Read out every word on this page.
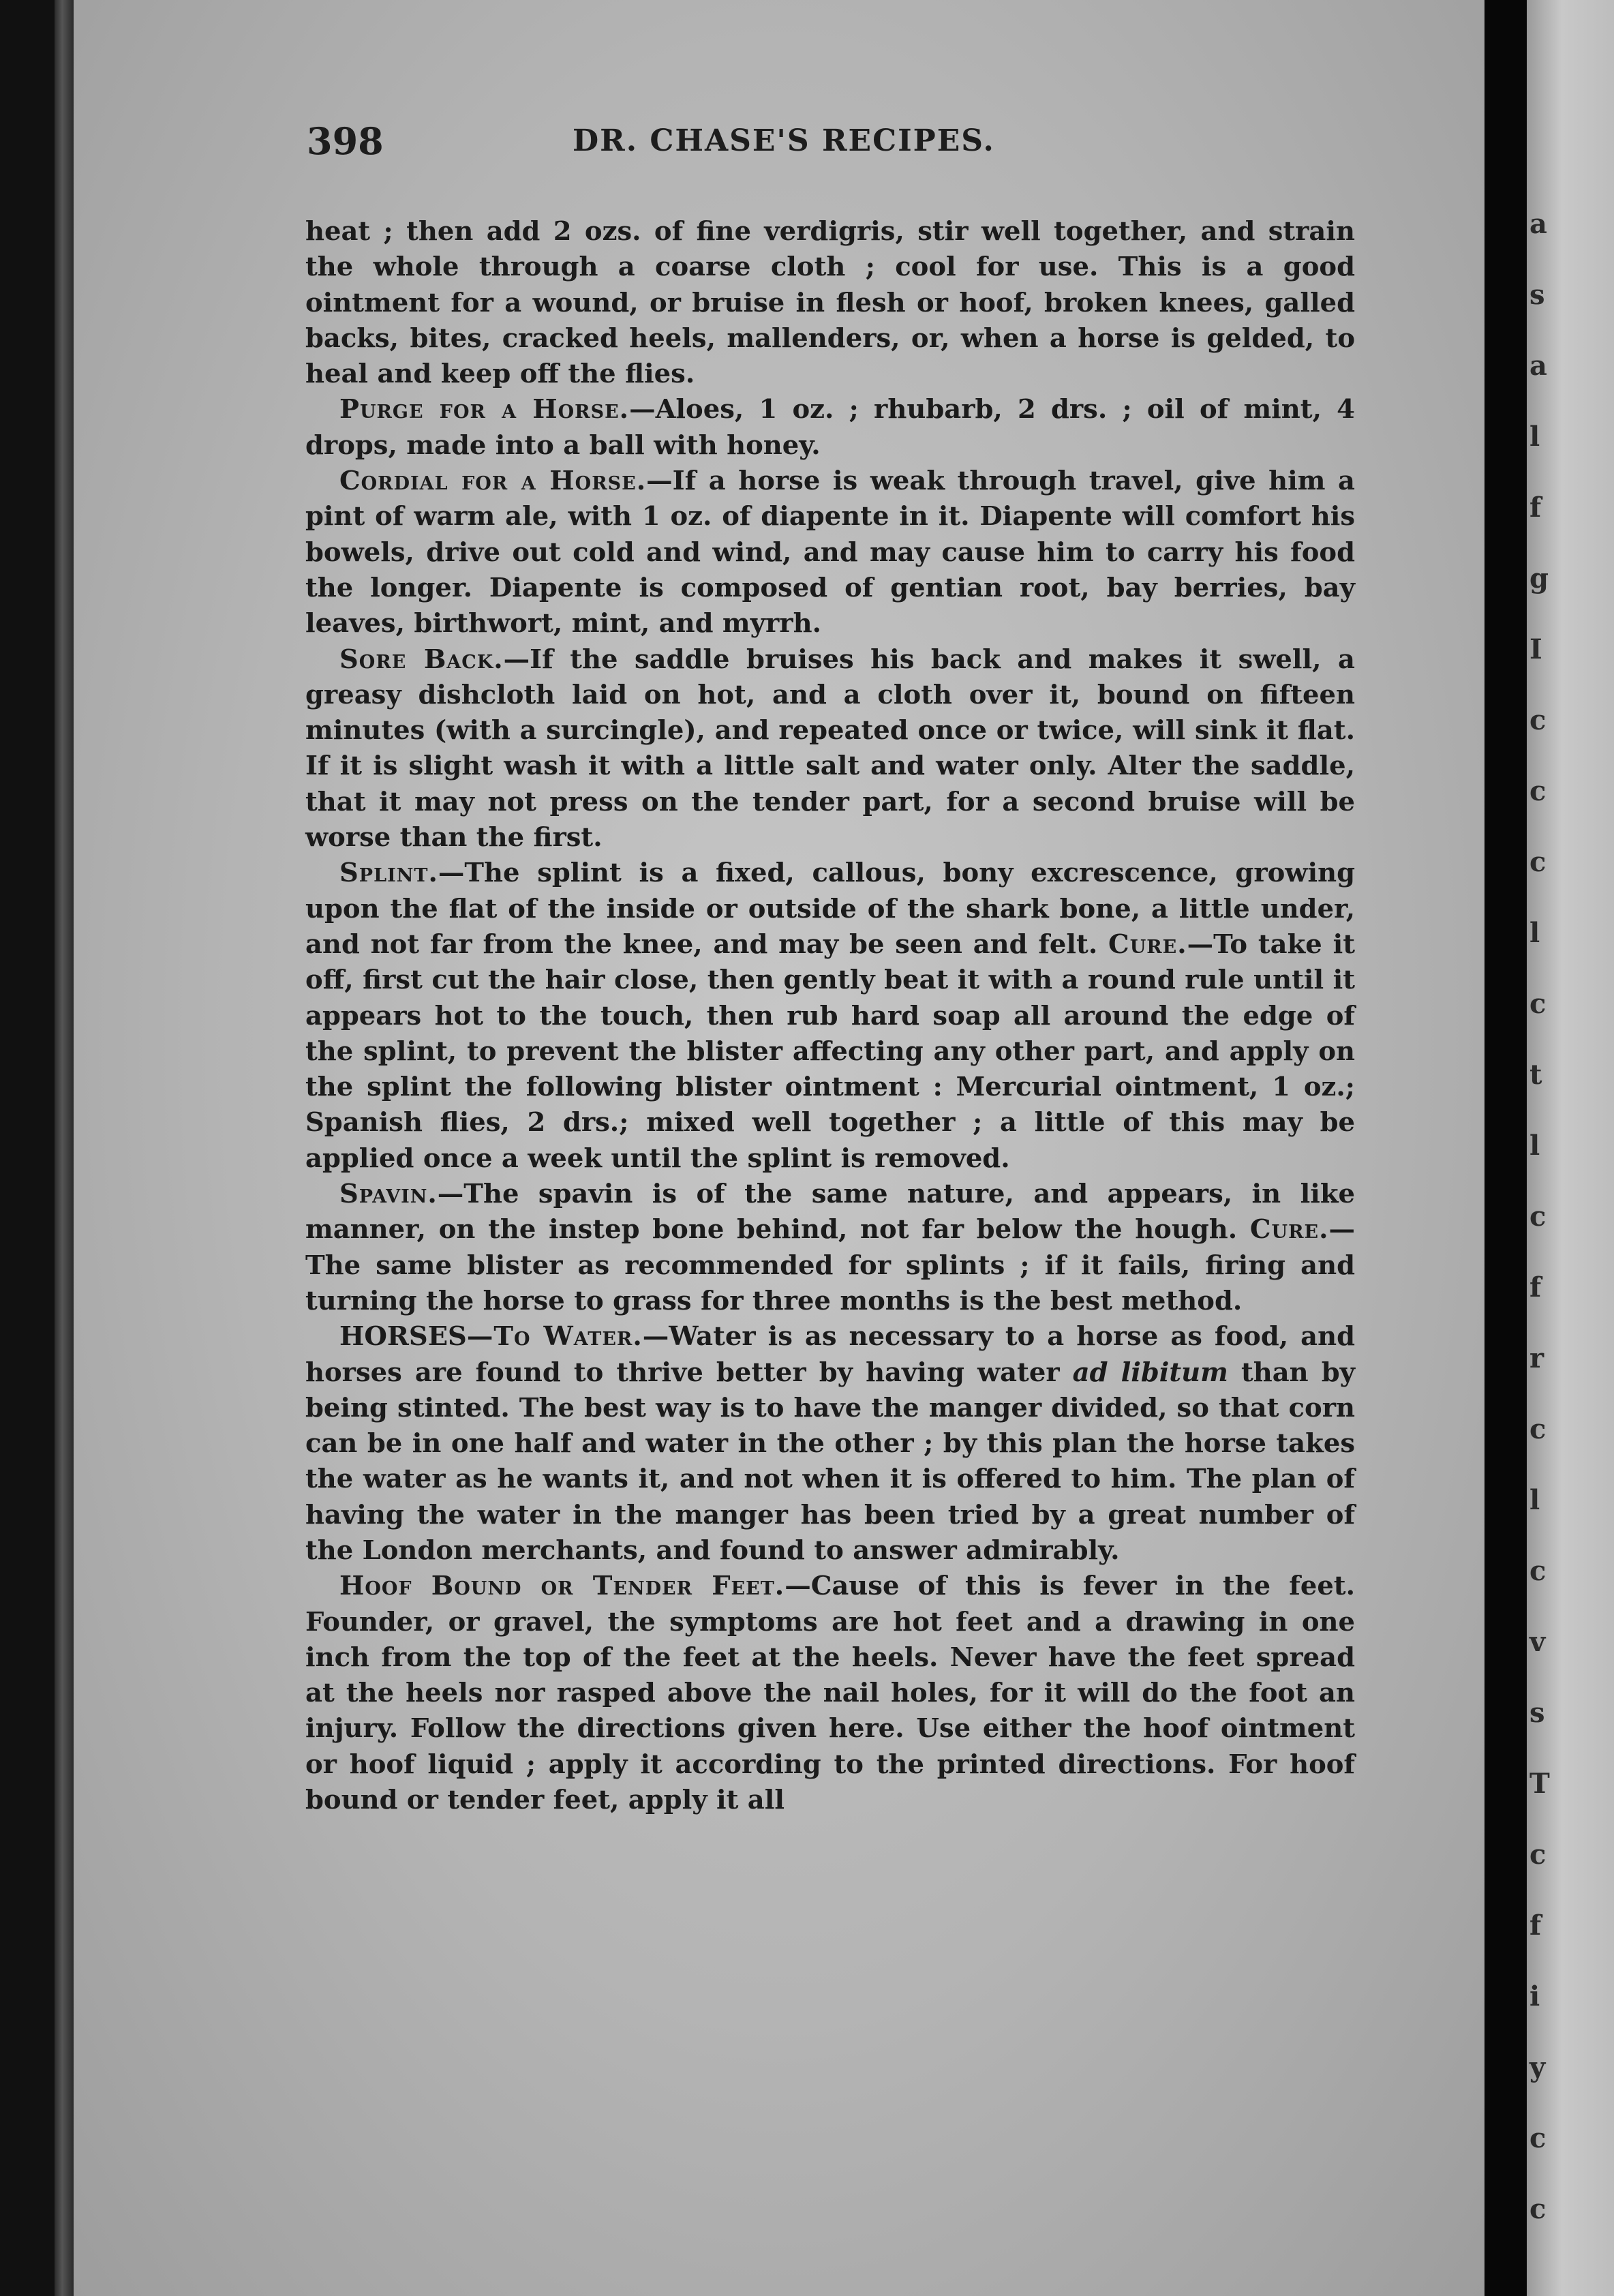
398	DR. CHASE'S RECIPES.

heat ; then add 2 ozs. of fine verdigris, stir well together, and strain the whole through a coarse cloth ; cool for use. This is a good ointment for a wound, or bruise in flesh or hoof, broken knees, galled backs, bites, cracked heels, mallenders, or, when a horse is gelded, to heal and keep off the flies.

Purge for a Horse.—Aloes, 1 oz. ; rhubarb, 2 drs. ; oil of mint, 4 drops, made into a ball with honey.

Cordial for a Horse.—If a horse is weak through travel, give him a pint of warm ale, with 1 oz. of diapente in it. Diapente will comfort his bowels, drive out cold and wind, and may cause him to carry his food the longer. Diapente is composed of gentian root, bay berries, bay leaves, birthwort, mint, and myrrh.

Sore Back.—If the saddle bruises his back and makes it swell, a greasy dishcloth laid on hot, and a cloth over it, bound on fifteen minutes (with a surcingle), and repeated once or twice, will sink it flat. If it is slight wash it with a little salt and water only. Alter the saddle, that it may not press on the tender part, for a second bruise will be worse than the first.

Splint.—The splint is a fixed, callous, bony excrescence, growing upon the flat of the inside or outside of the shark bone, a little under, and not far from the knee, and may be seen and felt. Cure.—To take it off, first cut the hair close, then gently beat it with a round rule until it appears hot to the touch, then rub hard soap all around the edge of the splint, to prevent the blister affecting any other part, and apply on the splint the following blister ointment : Mercurial ointment, 1 oz.; Spanish flies, 2 drs.; mixed well together ; a little of this may be applied once a week until the splint is removed.

Spavin.—The spavin is of the same nature, and appears, in like manner, on the instep bone behind, not far below the hough. Cure.—The same blister as recommended for splints ; if it fails, firing and turning the horse to grass for three months is the best method.

HORSES—To Water.—Water is as necessary to a horse as food, and horses are found to thrive better by having water ad libitum than by being stinted. The best way is to have the manger divided, so that corn can be in one half and water in the other ; by this plan the horse takes the water as he wants it, and not when it is offered to him. The plan of having the water in the manger has been tried by a great number of the London merchants, and found to answer admirably.

Hoof Bound or Tender Feet.—Cause of this is fever in the feet. Founder, or gravel, the symptoms are hot feet and a drawing in one inch from the top of the feet at the heels. Never have the feet spread at the heels nor rasped above the nail holes, for it will do the foot an injury. Follow the directions given here. Use either the hoof ointment or hoof liquid ; apply it according to the printed directions. For hoof bound or tender feet, apply it all

a
s
a
l
f
g
I
c
c
c
l
c
t
l
c
f
r
c
l
c
v
s
T
c
f
i
y
c
c
